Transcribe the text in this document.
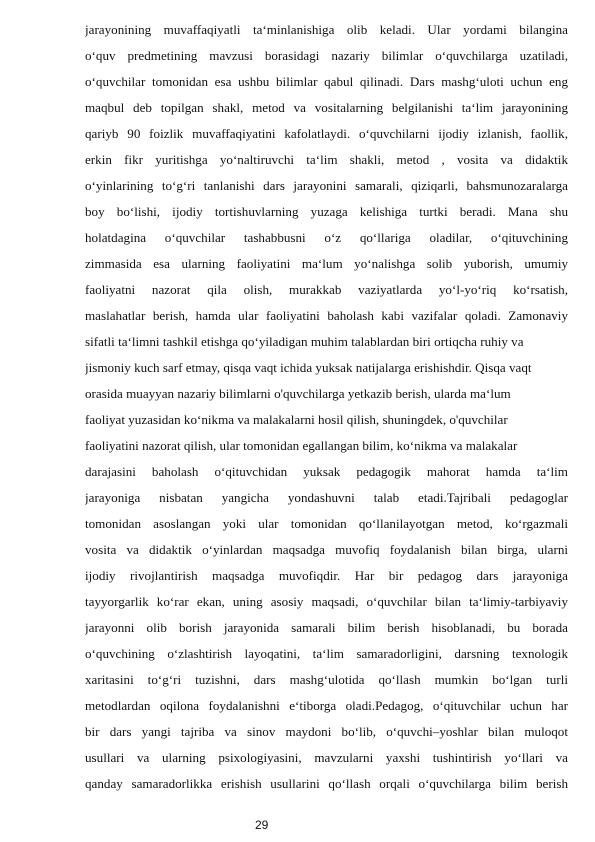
jarayonining muvaffaqiyatli ta‘minlanishiga olib keladi. Ular yordami bilangina
o‘quv predmetining mavzusi borasidagi nazariy bilimlar o‘quvchilarga uzatiladi,
o‘quvchilar tomonidan esa ushbu bilimlar qabul qilinadi. Dars mashg‘uloti uchun eng
maqbul deb topilgan shakl, metod va vositalarning belgilanishi ta‘lim jarayonining
qariyb 90 foizlik muvaffaqiyatini kafolatlaydi. o‘quvchilarni ijodiy izlanish, faollik,
erkin fikr yuritishga yo‘naltiruvchi ta‘lim shakli, metod , vosita va didaktik
o‘yinlarining to‘g‘ri tanlanishi dars jarayonini samarali, qiziqarli, bahsmunozaralarga
boy bo‘lishi, ijodiy tortishuvlarning yuzaga kelishiga turtki beradi. Mana shu
holatdagina o‘quvchilar tashabbusni o‘z qo‘llariga oladilar, o‘qituvchining
zimmasida esa ularning faoliyatini ma‘lum yo‘nalishga solib yuborish, umumiy
faoliyatni nazorat qila olish, murakkab vaziyatlarda yo‘l-yo‘riq ko‘rsatish,
maslahatlar berish, hamda ular faoliyatini baholash kabi vazifalar qoladi. Zamonaviy
sifatli ta‘limni tashkil etishga qo‘yiladigan muhim talablardan biri ortiqcha ruhiy va
jismoniy kuch sarf etmay, qisqa vaqt ichida yuksak natijalarga erishishdir. Qisqa vaqt
orasida muayyan nazariy bilimlarni o'quvchilarga yetkazib berish, ularda ma‘lum
faoliyat yuzasidan ko‘nikma va malakalarni hosil qilish, shuningdek, o'quvchilar
faoliyatini nazorat qilish, ular tomonidan egallangan bilim, ko‘nikma va malakalar
darajasini baholash o‘qituvchidan yuksak pedagogik mahorat hamda ta‘lim
jarayoniga nisbatan yangicha yondashuvni talab etadi.Tajribali pedagoglar
tomonidan asoslangan yoki ular tomonidan qo‘llanilayotgan metod, ko‘rgazmali
vosita va didaktik o‘yinlardan maqsadga muvofiq foydalanish bilan birga, ularni
ijodiy rivojlantirish maqsadga muvofiqdir. Har bir pedagog dars jarayoniga
tayyorgarlik ko‘rar ekan, uning asosiy maqsadi, o‘quvchilar bilan ta‘limiy-tarbiyaviy
jarayonni olib borish jarayonida samarali bilim berish hisoblanadi, bu borada
o‘quvchining o‘zlashtirish layoqatini, ta‘lim samaradorligini, darsning texnologik
xaritasini to‘g‘ri tuzishni, dars mashg‘ulotida qo‘llash mumkin bo‘lgan turli
metodlardan oqilona foydalanishni e‘tiborga oladi.Pedagog, o‘qituvchilar uchun har
bir dars yangi tajriba va sinov maydoni bo‘lib, o‘quvchi–yoshlar bilan muloqot
usullari va ularning psixologiyasini, mavzularni yaxshi tushintirish yo‘llari va
qanday samaradorlikka erishish usullarini qo‘llash orqali o‘quvchilarga bilim berish
29
